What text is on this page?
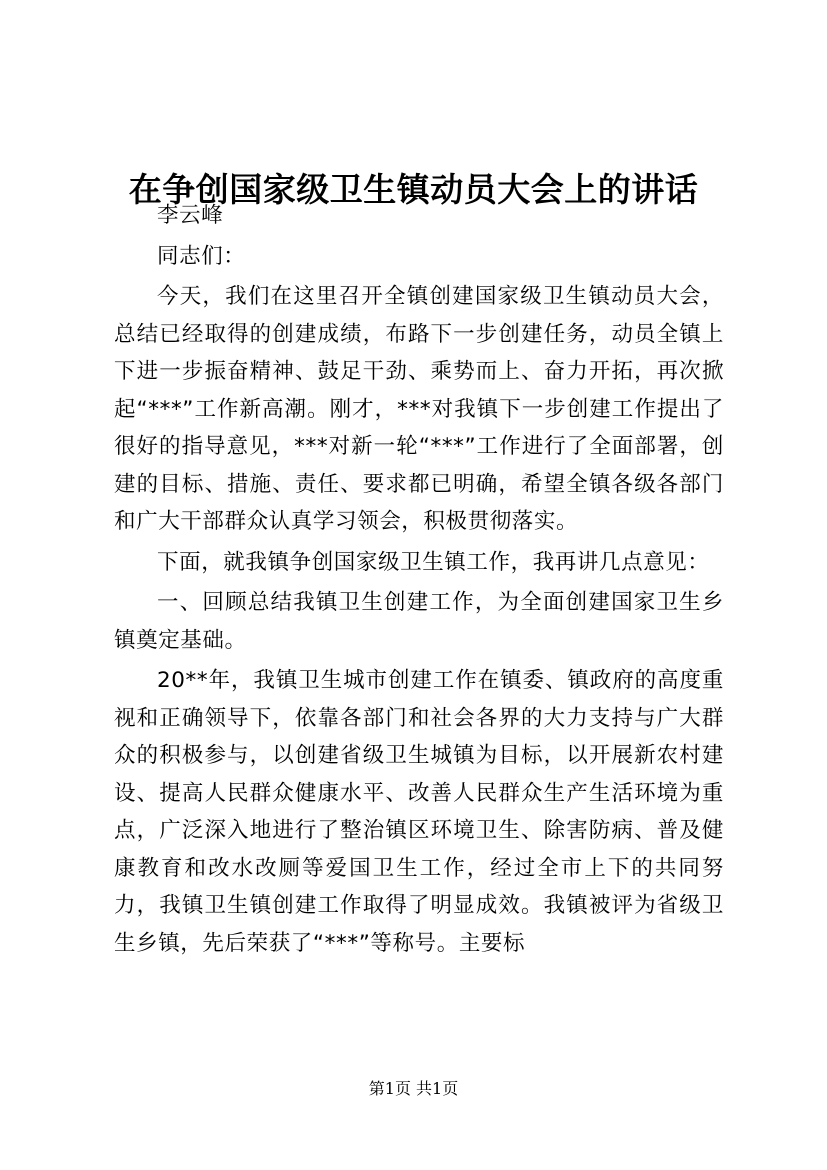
在争创国家级卫生镇动员大会上的讲话

李云峰

同志们：

今天，我们在这里召开全镇创建国家级卫生镇动员大会，总结已经取得的创建成绩，布路下一步创建任务，动员全镇上下进一步振奋精神、鼓足干劲、乘势而上、奋力开拓，再次掀起“***”工作新高潮。刚才，***对我镇下一步创建工作提出了很好的指导意见，***对新一轮“***”工作进行了全面部署，创建的目标、措施、责任、要求都已明确，希望全镇各级各部门和广大干部群众认真学习领会，积极贯彻落实。

下面，就我镇争创国家级卫生镇工作，我再讲几点意见：

一、回顾总结我镇卫生创建工作，为全面创建国家卫生乡镇奠定基础。

20**年，我镇卫生城市创建工作在镇委、镇政府的高度重视和正确领导下，依靠各部门和社会各界的大力支持与广大群众的积极参与，以创建省级卫生城镇为目标，以开展新农村建设、提高人民群众健康水平、改善人民群众生产生活环境为重点，广泛深入地进行了整治镇区环境卫生、除害防病、普及健康教育和改水改厕等爱国卫生工作，经过全市上下的共同努力，我镇卫生镇创建工作取得了明显成效。我镇被评为省级卫生乡镇，先后荣获了“***”等称号。主要标

第1页 共1页
